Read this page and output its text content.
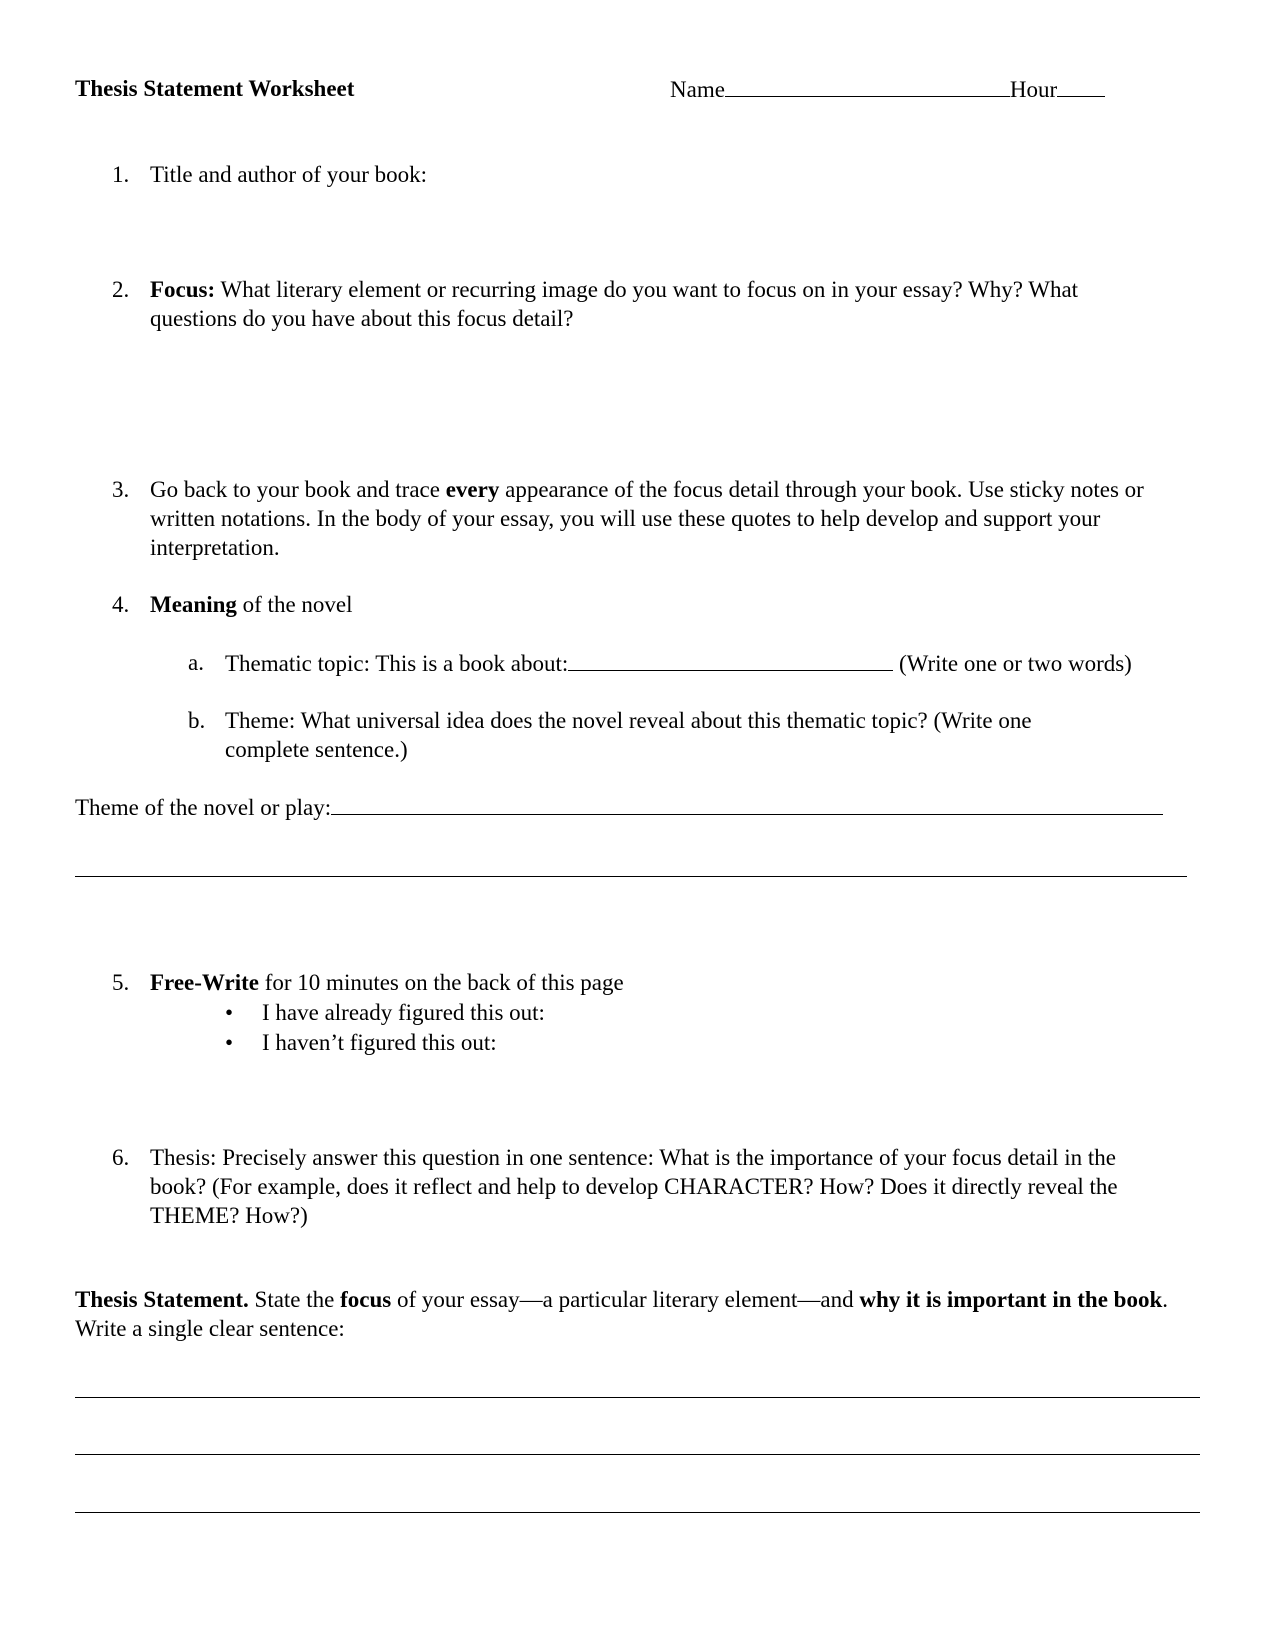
Thesis Statement Worksheet	Name	Hour
1. Title and author of your book:
2. Focus: What literary element or recurring image do you want to focus on in your essay? Why? What questions do you have about this focus detail?
3. Go back to your book and trace every appearance of the focus detail through your book. Use sticky notes or written notations. In the body of your essay, you will use these quotes to help develop and support your interpretation.
4. Meaning of the novel
a. Thematic topic: This is a book about:	(Write one or two words)
b. Theme: What universal idea does the novel reveal about this thematic topic? (Write one complete sentence.)
Theme of the novel or play:
5. Free-Write for 10 minutes on the back of this page
• I have already figured this out:
• I haven’t figured this out:
6. Thesis: Precisely answer this question in one sentence: What is the importance of your focus detail in the book? (For example, does it reflect and help to develop CHARACTER? How? Does it directly reveal the THEME? How?)
Thesis Statement. State the focus of your essay—a particular literary element—and why it is important in the book. Write a single clear sentence:
